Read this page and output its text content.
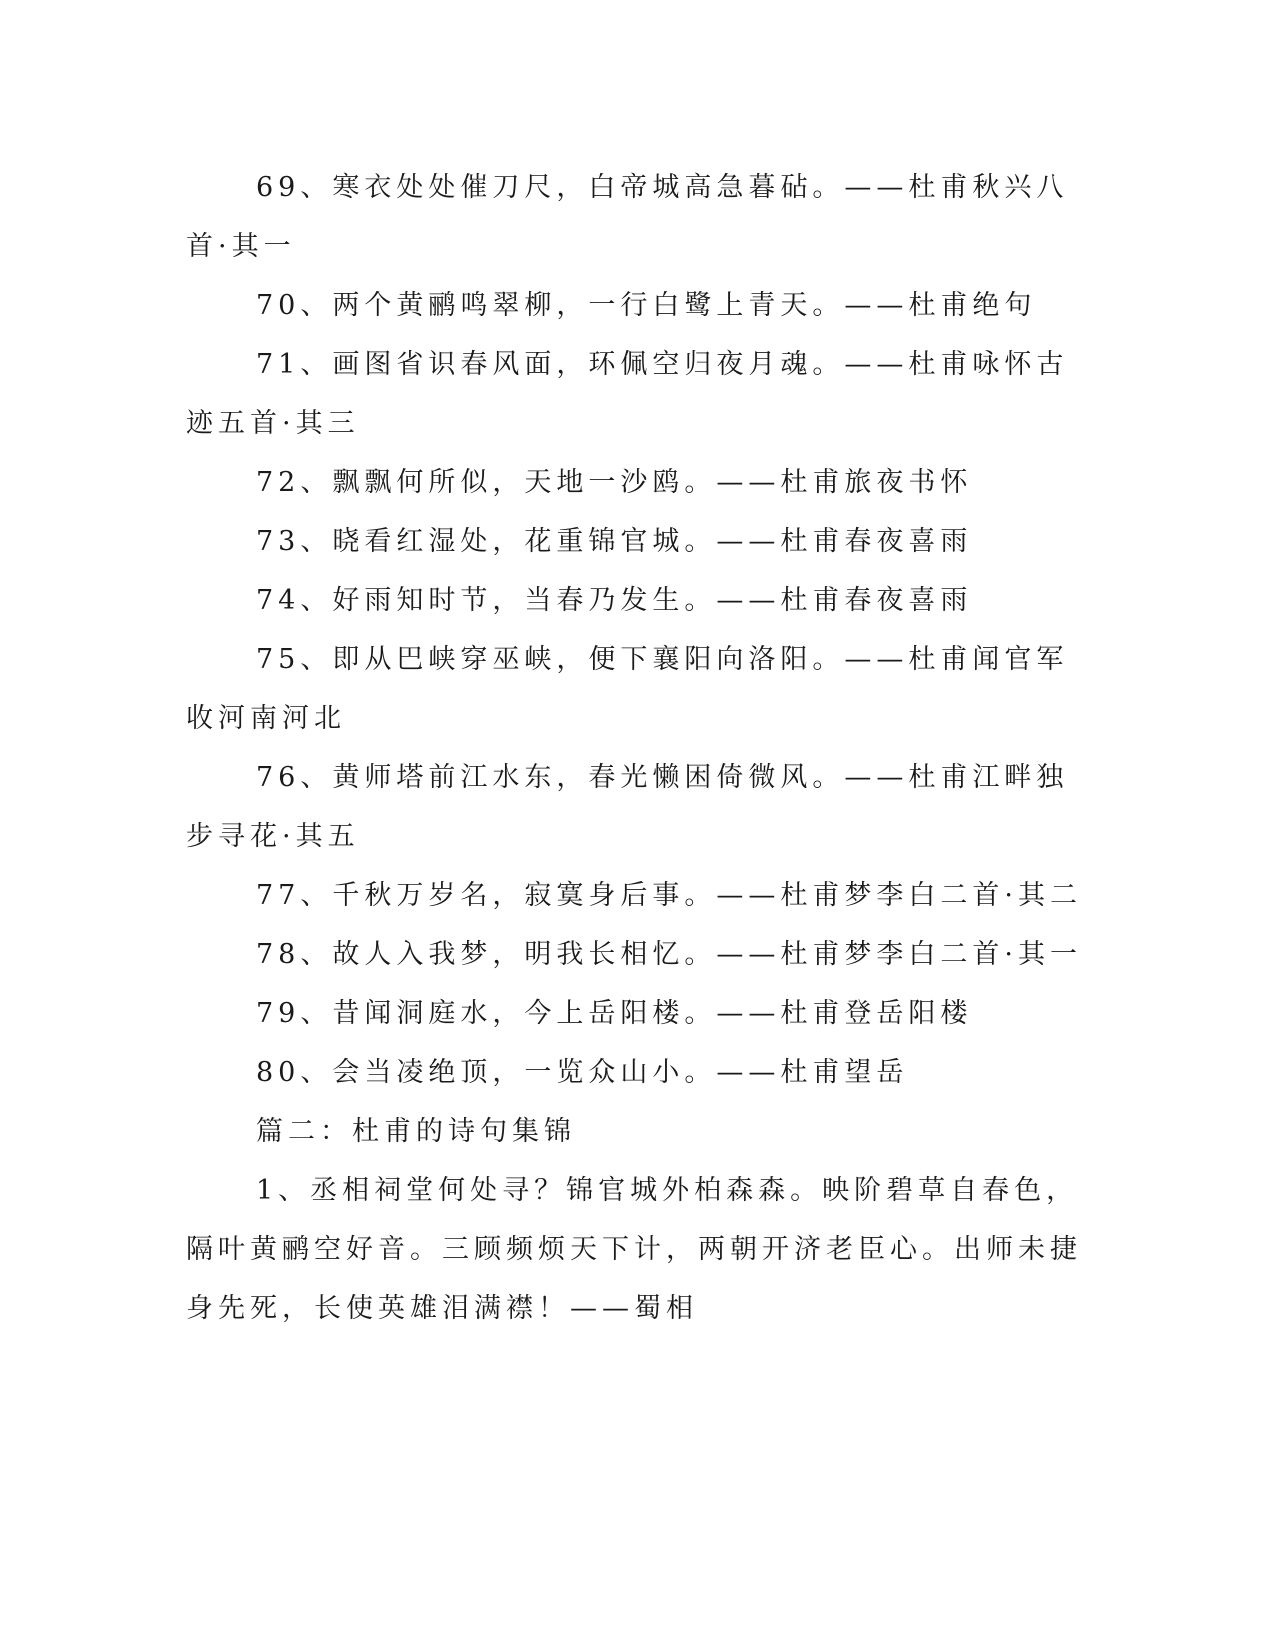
69、寒衣处处催刀尺，白帝城高急暮砧。——杜甫秋兴八首·其一

70、两个黄鹂鸣翠柳，一行白鹭上青天。——杜甫绝句

71、画图省识春风面，环佩空归夜月魂。——杜甫咏怀古迹五首·其三

72、飘飘何所似，天地一沙鸥。——杜甫旅夜书怀

73、晓看红湿处，花重锦官城。——杜甫春夜喜雨

74、好雨知时节，当春乃发生。——杜甫春夜喜雨

75、即从巴峡穿巫峡，便下襄阳向洛阳。——杜甫闻官军收河南河北

76、黄师塔前江水东，春光懒困倚微风。——杜甫江畔独步寻花·其五

77、千秋万岁名，寂寞身后事。——杜甫梦李白二首·其二

78、故人入我梦，明我长相忆。——杜甫梦李白二首·其一

79、昔闻洞庭水，今上岳阳楼。——杜甫登岳阳楼

80、会当凌绝顶，一览众山小。——杜甫望岳

篇二：杜甫的诗句集锦

1、丞相祠堂何处寻？锦官城外柏森森。映阶碧草自春色，隔叶黄鹂空好音。三顾频烦天下计，两朝开济老臣心。出师未捷身先死，长使英雄泪满襟！——蜀相
